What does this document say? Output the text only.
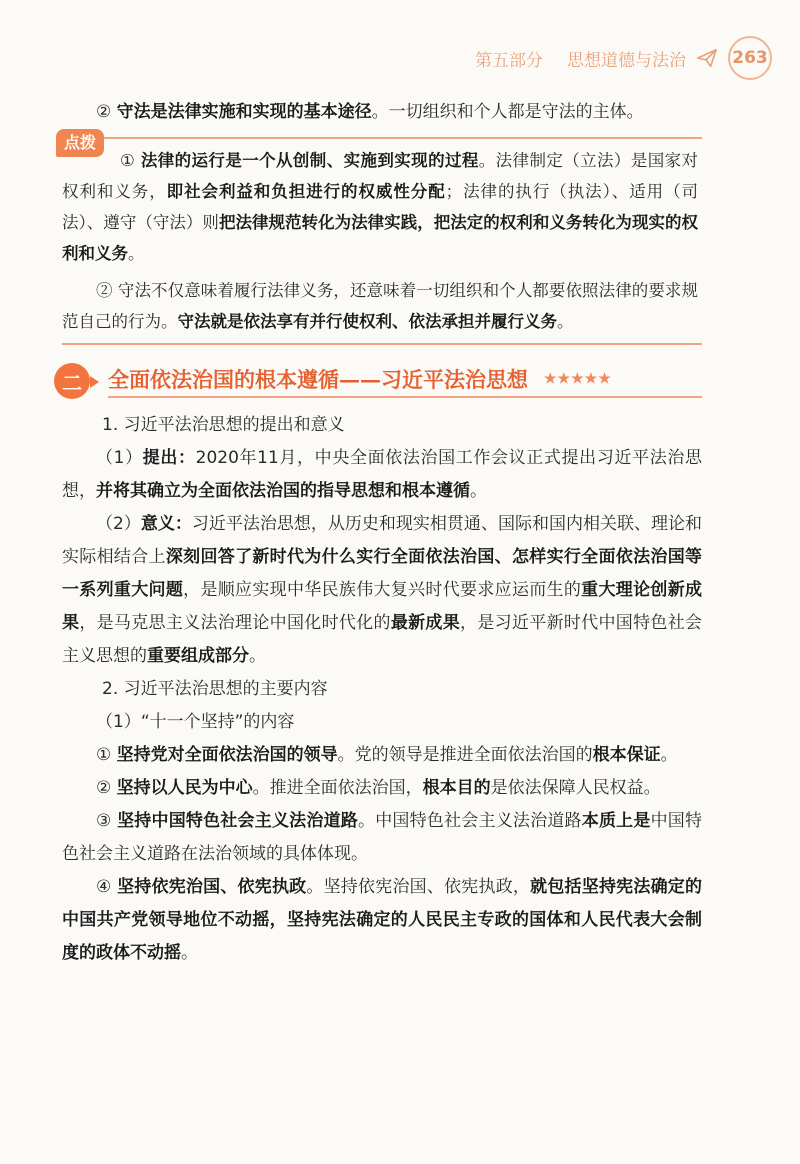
第五部分 思想道德与法治	263

② 守法是法律实施和实现的基本途径。一切组织和个人都是守法的主体。

点拨

① 法律的运行是一个从创制、实施到实现的过程。法律制定（立法）是国家对权利和义务，即社会利益和负担进行的权威性分配；法律的执行（执法）、适用（司法）、遵守（守法）则把法律规范转化为法律实践，把法定的权利和义务转化为现实的权利和义务。

② 守法不仅意味着履行法律义务，还意味着一切组织和个人都要依照法律的要求规范自己的行为。守法就是依法享有并行使权利、依法承担并履行义务。

二	全面依法治国的根本遵循——习近平法治思想 ★★★★★

1. 习近平法治思想的提出和意义

（1）提出：2020年11月，中央全面依法治国工作会议正式提出习近平法治思想，并将其确立为全面依法治国的指导思想和根本遵循。

（2）意义：习近平法治思想，从历史和现实相贯通、国际和国内相关联、理论和实际相结合上深刻回答了新时代为什么实行全面依法治国、怎样实行全面依法治国等一系列重大问题，是顺应实现中华民族伟大复兴时代要求应运而生的重大理论创新成果，是马克思主义法治理论中国化时代化的最新成果，是习近平新时代中国特色社会主义思想的重要组成部分。

2. 习近平法治思想的主要内容

（1）“十一个坚持”的内容

① 坚持党对全面依法治国的领导。党的领导是推进全面依法治国的根本保证。

② 坚持以人民为中心。推进全面依法治国，根本目的是依法保障人民权益。

③ 坚持中国特色社会主义法治道路。中国特色社会主义法治道路本质上是中国特色社会主义道路在法治领域的具体体现。

④ 坚持依宪治国、依宪执政。坚持依宪治国、依宪执政，就包括坚持宪法确定的中国共产党领导地位不动摇，坚持宪法确定的人民民主专政的国体和人民代表大会制度的政体不动摇。
